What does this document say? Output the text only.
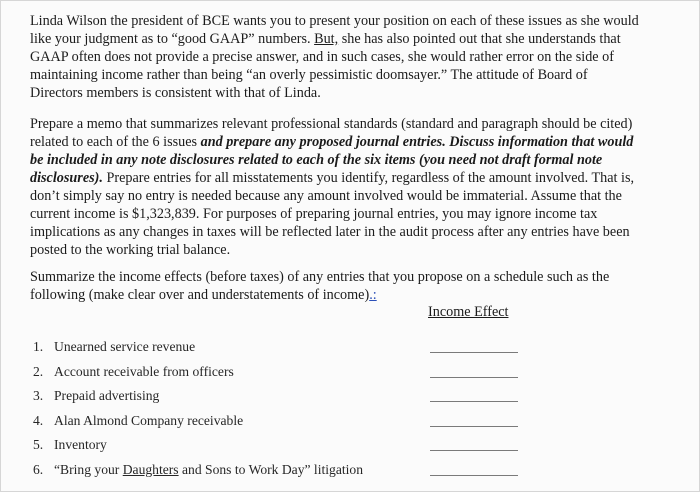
Linda Wilson the president of BCE wants you to present your position on each of these issues as she would like your judgment as to “good GAAP” numbers. But, she has also pointed out that she understands that GAAP often does not provide a precise answer, and in such cases, she would rather error on the side of maintaining income rather than being “an overly pessimistic doomsayer.” The attitude of Board of Directors members is consistent with that of Linda.

Prepare a memo that summarizes relevant professional standards (standard and paragraph should be cited) related to each of the 6 issues and prepare any proposed journal entries. Discuss information that would be included in any note disclosures related to each of the six items (you need not draft formal note disclosures). Prepare entries for all misstatements you identify, regardless of the amount involved. That is, don’t simply say no entry is needed because any amount involved would be immaterial. Assume that the current income is $1,323,839. For purposes of preparing journal entries, you may ignore income tax implications as any changes in taxes will be reflected later in the audit process after any entries have been posted to the working trial balance.

Summarize the income effects (before taxes) of any entries that you propose on a schedule such as the following (make clear over and understatements of income).:

Income Effect
1. Unearned service revenue
2. Account receivable from officers
3. Prepaid advertising
4. Alan Almond Company receivable
5. Inventory
6. “Bring your Daughters and Sons to Work Day” litigation
